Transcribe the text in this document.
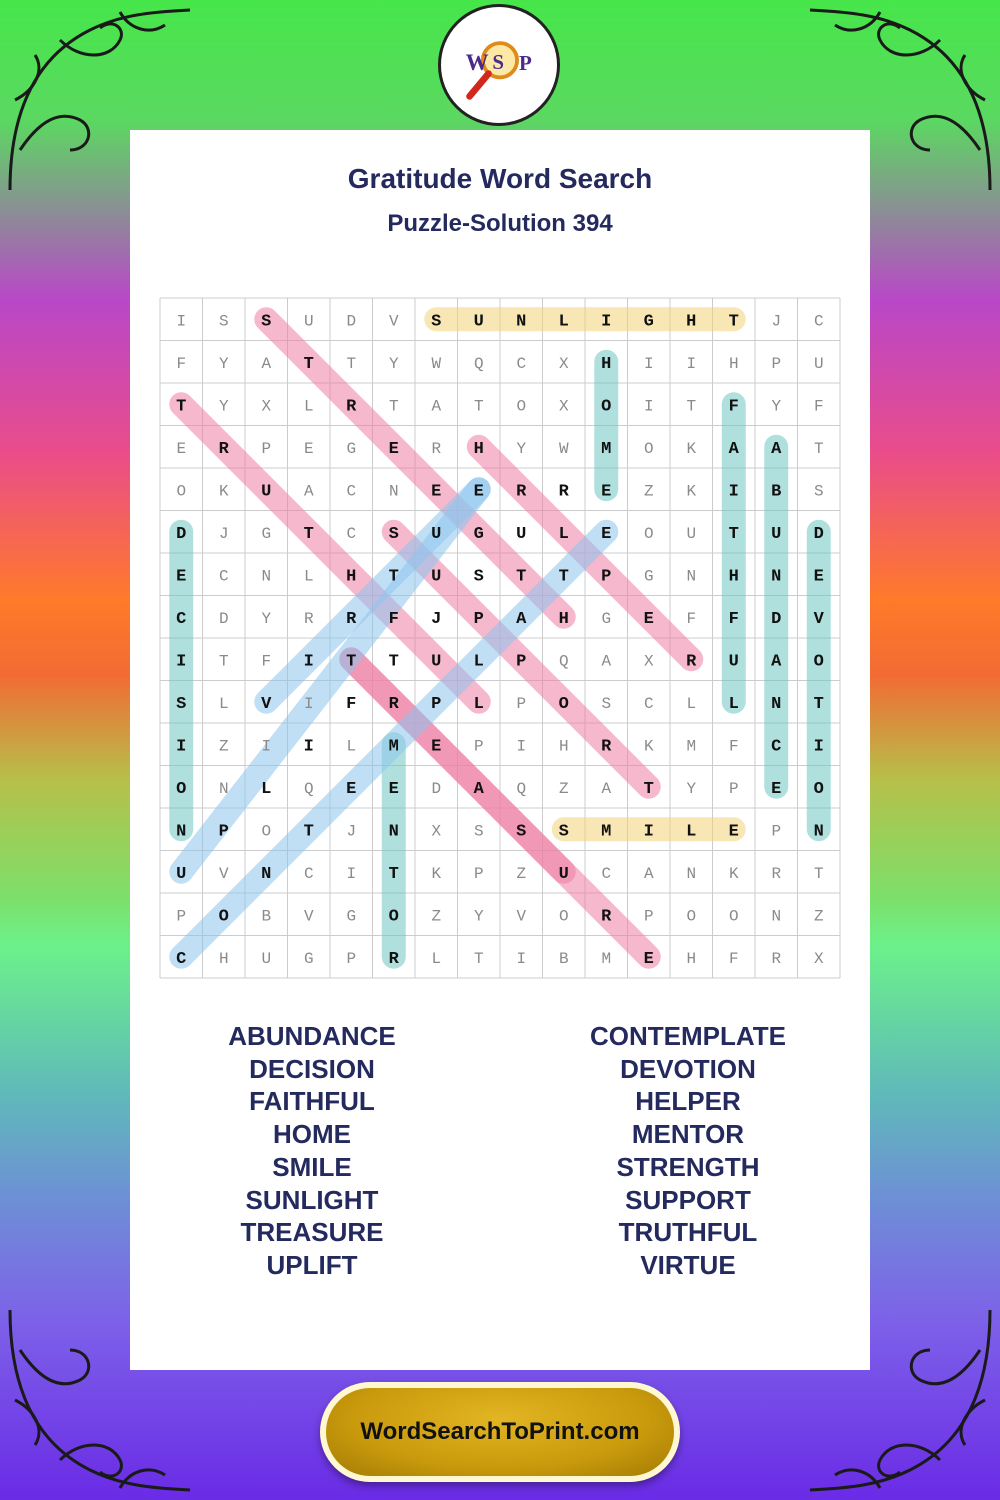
W S P
Gratitude Word Search
Puzzle-Solution 394
I S S U D V S U N L I G H T J C
F Y A T T Y W Q C X H I I H P U
T Y X L R T A T O X O I T F Y F
E R P E G E R H Y W M O K A A T
O K U A C N E E R R E Z K I B S
D J G T C S U G U L E O U T U D
E C N L H T U S T T P G N H N E
C D Y R R F J P A H G E F F D V
I T F I T T U L P Q A X R U A O
S L V I F R P L P O S C L L N T
I Z I I L M E P I H R K M F C I
O N L Q E E D A Q Z A T Y P E O
N P O T J N X S S S M I L E P N
U V N C I T K P Z U C A N K R T
P O B V G O Z Y V O R P O O N Z
C H U G P R L T I B M E H F R X
ABUNDANCE
DECISION
FAITHFUL
HOME
SMILE
SUNLIGHT
TREASURE
UPLIFT
CONTEMPLATE
DEVOTION
HELPER
MENTOR
STRENGTH
SUPPORT
TRUTHFUL
VIRTUE
WordSearchToPrint.com
